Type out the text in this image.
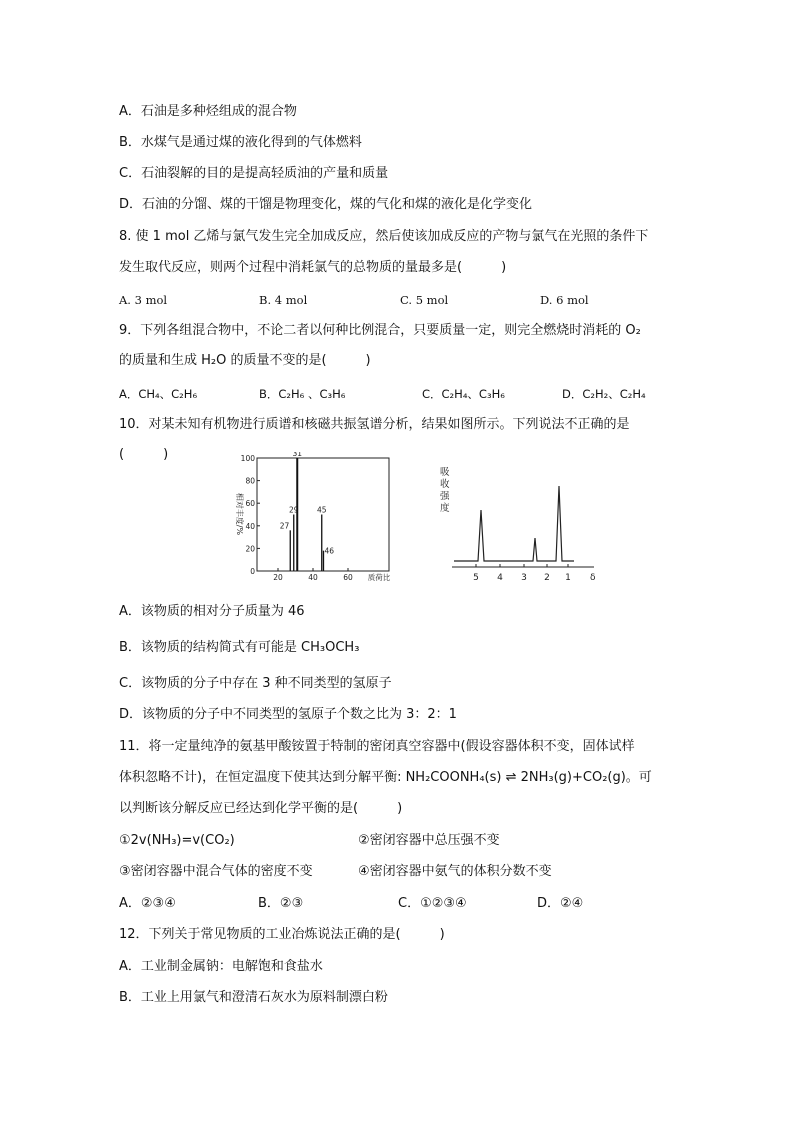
A．石油是多种烃组成的混合物
B．水煤气是通过煤的液化得到的气体燃料
C．石油裂解的目的是提高轻质油的产量和质量
D．石油的分馏、煤的干馏是物理变化，煤的气化和煤的液化是化学变化
8. 使 1 mol 乙烯与氯气发生完全加成反应，然后使该加成反应的产物与氯气在光照的条件下
发生取代反应，则两个过程中消耗氯气的总物质的量最多是(　　　)
A. 3 mol	B. 4 mol	C. 5 mol	D. 6 mol
9．下列各组混合物中，不论二者以何种比例混合，只要质量一定，则完全燃烧时消耗的 O₂
的质量和生成 H₂O 的质量不变的是(　　　)
A．CH₄、C₂H₆	B．C₂H₆ 、C₃H₆	C．C₂H₄、C₃H₆	D．C₂H₂、C₂H₄
10．对某未知有机物进行质谱和核磁共振氢谱分析，结果如图所示。下列说法不正确的是
(　　　)	100
80
60
40
20
0
20	40	60
27
29
31
45
46
相对丰度/%
质荷比
吸
收
强
度
5 4 3 2 1 δ
A．该物质的相对分子质量为 46
B．该物质的结构简式有可能是 CH₃OCH₃
C．该物质的分子中存在 3 种不同类型的氢原子
D．该物质的分子中不同类型的氢原子个数之比为 3：2：1
11．将一定量纯净的氨基甲酸铵置于特制的密闭真空容器中(假设容器体积不变，固体试样
体积忽略不计)，在恒定温度下使其达到分解平衡: NH₂COONH₄(s) ⇌ 2NH₃(g)+CO₂(g)。可
以判断该分解反应已经达到化学平衡的是(　　　)
①2v(NH₃)=v(CO₂)	②密闭容器中总压强不变
③密闭容器中混合气体的密度不变	④密闭容器中氨气的体积分数不变
A．②③④	B．②③	C．①②③④	D．②④
12．下列关于常见物质的工业冶炼说法正确的是(　　　)
A．工业制金属钠：电解饱和食盐水
B．工业上用氯气和澄清石灰水为原料制漂白粉
